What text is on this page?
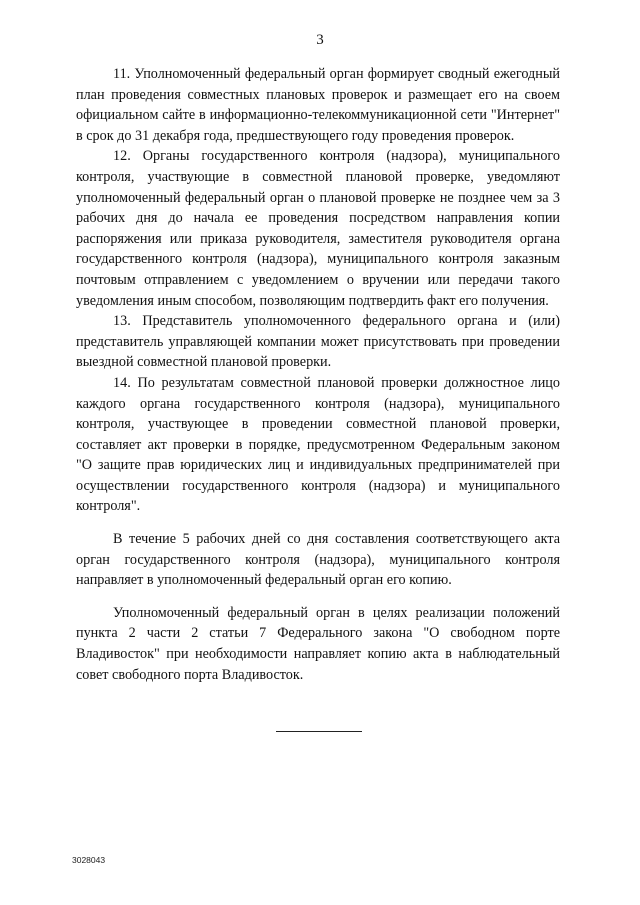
3

11. Уполномоченный федеральный орган формирует сводный ежегодный план проведения совместных плановых проверок и размещает его на своем официальном сайте в информационно-телекоммуникационной сети "Интернет" в срок до 31 декабря года, предшествующего году проведения проверок.

12. Органы государственного контроля (надзора), муниципального контроля, участвующие в совместной плановой проверке, уведомляют уполномоченный федеральный орган о плановой проверке не позднее чем за 3 рабочих дня до начала ее проведения посредством направления копии распоряжения или приказа руководителя, заместителя руководителя органа государственного контроля (надзора), муниципального контроля заказным почтовым отправлением с уведомлением о вручении или передачи такого уведомления иным способом, позволяющим подтвердить факт его получения.

13. Представитель уполномоченного федерального органа и (или) представитель управляющей компании может присутствовать при проведении выездной совместной плановой проверки.

14. По результатам совместной плановой проверки должностное лицо каждого органа государственного контроля (надзора), муниципального контроля, участвующее в проведении совместной плановой проверки, составляет акт проверки в порядке, предусмотренном Федеральным законом "О защите прав юридических лиц и индивидуальных предпринимателей при осуществлении государственного контроля (надзора) и муниципального контроля".

В течение 5 рабочих дней со дня составления соответствующего акта орган государственного контроля (надзора), муниципального контроля направляет в уполномоченный федеральный орган его копию.

Уполномоченный федеральный орган в целях реализации положений пункта 2 части 2 статьи 7 Федерального закона "О свободном порте Владивосток" при необходимости направляет копию акта в наблюдательный совет свободного порта Владивосток.

3028043
